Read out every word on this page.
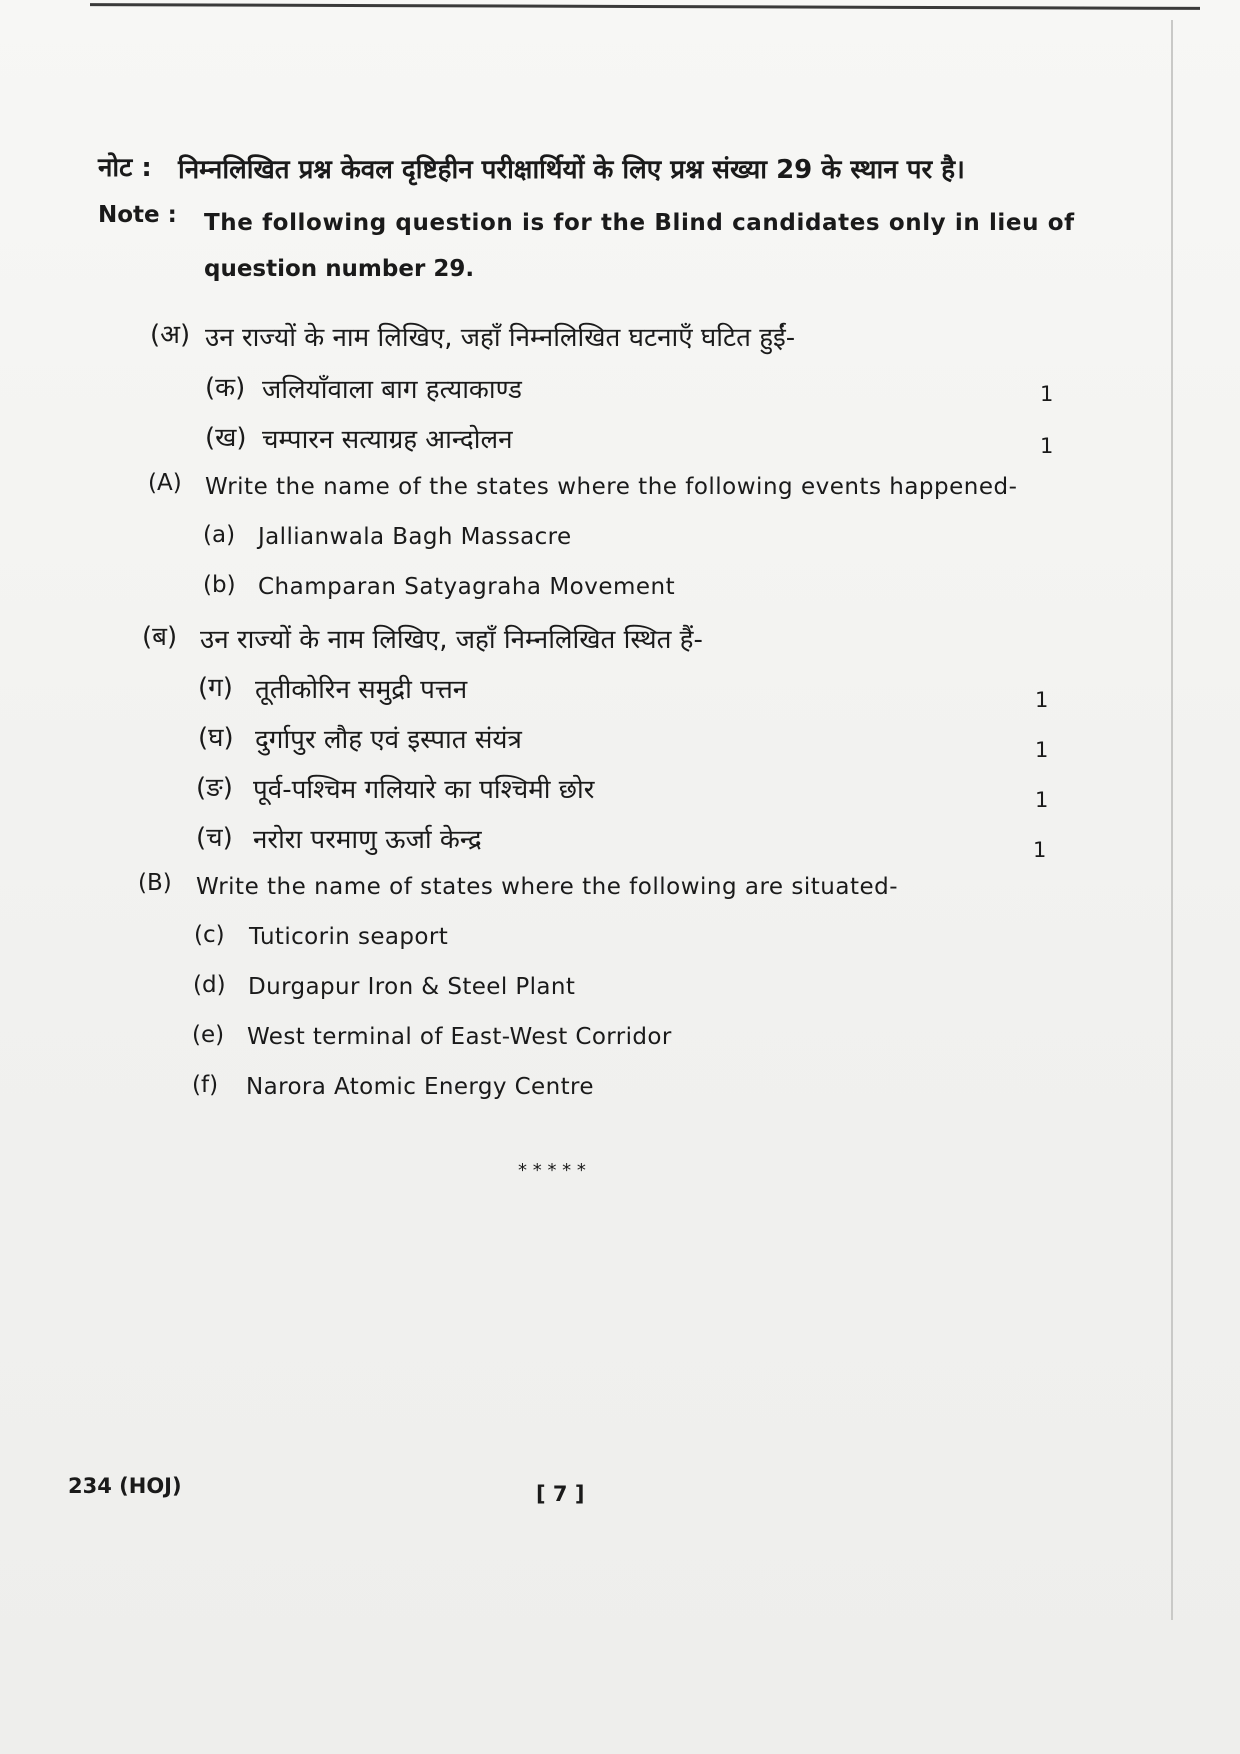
नोट : निम्नलिखित प्रश्न केवल दृष्टिहीन परीक्षार्थियों के लिए प्रश्न संख्या 29 के स्थान पर है।
Note : The following question is for the Blind candidates only in lieu of
question number 29.
(अ) उन राज्यों के नाम लिखिए, जहाँ निम्नलिखित घटनाएँ घटित हुईं-
(क) जलियाँवाला बाग हत्याकाण्ड	1
(ख) चम्पारन सत्याग्रह आन्दोलन	1
(A) Write the name of the states where the following events happened-
(a) Jallianwala Bagh Massacre
(b) Champaran Satyagraha Movement
(ब) उन राज्यों के नाम लिखिए, जहाँ निम्नलिखित स्थित हैं-
(ग) तूतीकोरिन समुद्री पत्तन	1
(घ) दुर्गापुर लौह एवं इस्पात संयंत्र	1
(ङ) पूर्व-पश्चिम गलियारे का पश्चिमी छोर	1
(च) नरोरा परमाणु ऊर्जा केन्द्र	1
(B) Write the name of states where the following are situated-
(c) Tuticorin seaport
(d) Durgapur Iron & Steel Plant
(e) West terminal of East-West Corridor
(f) Narora Atomic Energy Centre
* * * * *
234 (HOJ)	[ 7 ]
